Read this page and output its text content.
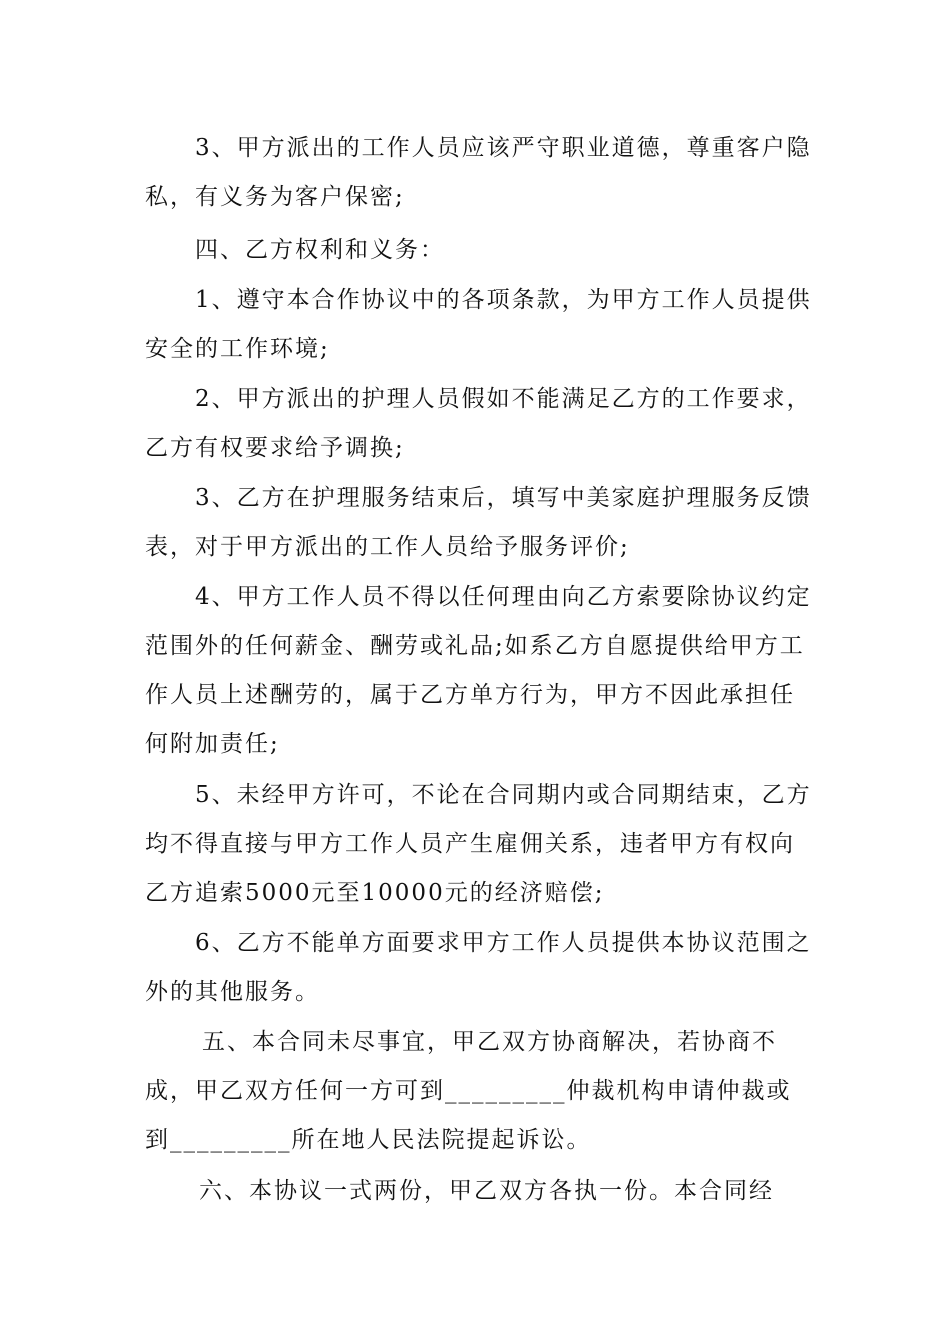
3、甲方派出的工作人员应该严守职业道德，尊重客户隐私，有义务为客户保密;

四、乙方权利和义务：

1、遵守本合作协议中的各项条款，为甲方工作人员提供安全的工作环境;

2、甲方派出的护理人员假如不能满足乙方的工作要求，乙方有权要求给予调换;

3、乙方在护理服务结束后，填写中美家庭护理服务反馈表，对于甲方派出的工作人员给予服务评价;

4、甲方工作人员不得以任何理由向乙方索要除协议约定范围外的任何薪金、酬劳或礼品;如系乙方自愿提供给甲方工作人员上述酬劳的，属于乙方单方行为，甲方不因此承担任何附加责任;

5、未经甲方许可，不论在合同期内或合同期结束，乙方均不得直接与甲方工作人员产生雇佣关系，违者甲方有权向乙方追索5000元至10000元的经济赔偿;

6、乙方不能单方面要求甲方工作人员提供本协议范围之外的其他服务。

五、本合同未尽事宜，甲乙双方协商解决，若协商不成，甲乙双方任何一方可到_________仲裁机构申请仲裁或到_________所在地人民法院提起诉讼。

六、本协议一式两份，甲乙双方各执一份。本合同经
